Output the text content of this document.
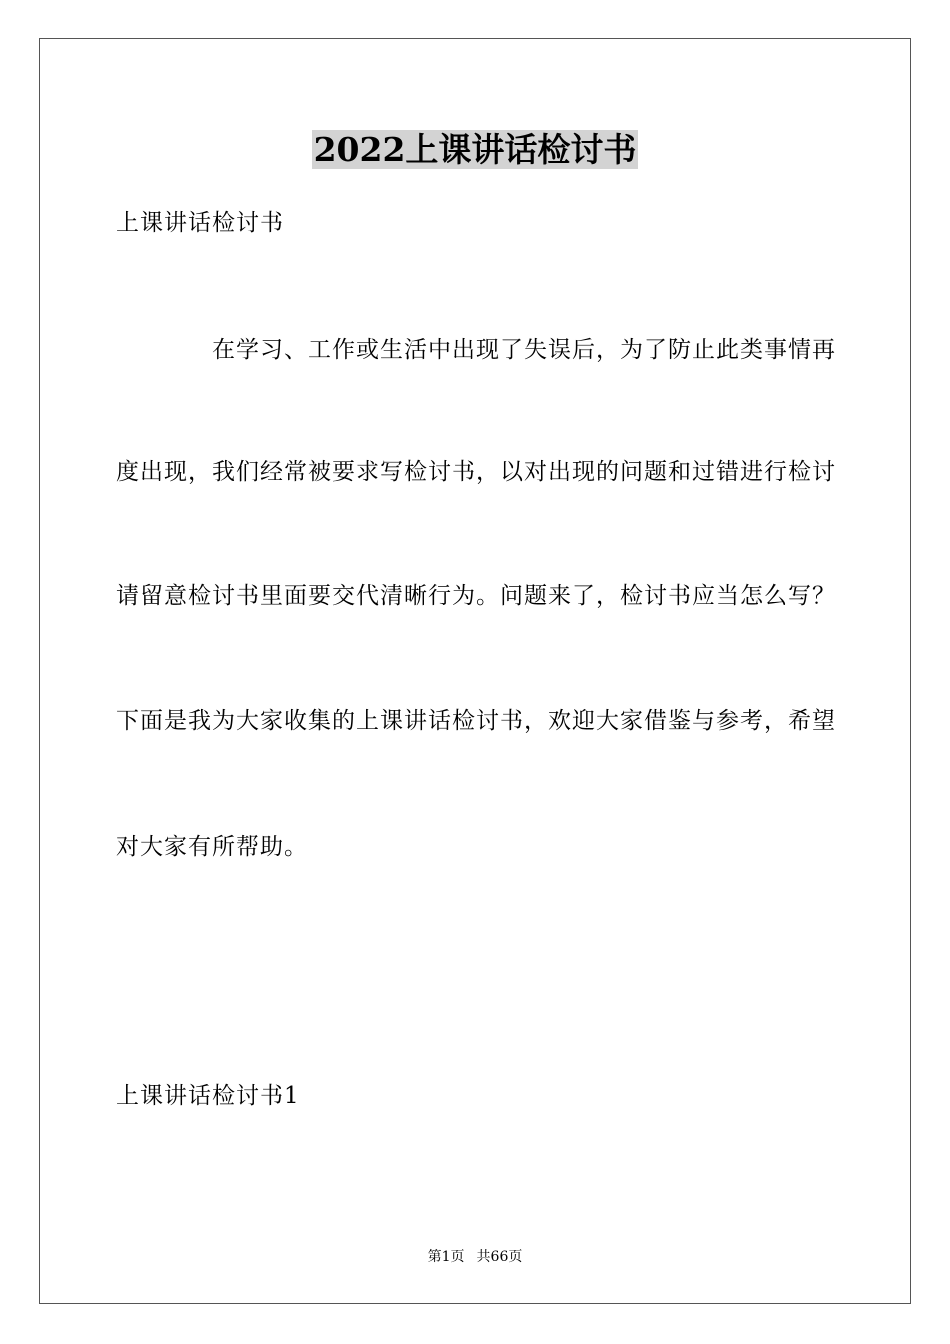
2022上课讲话检讨书
上课讲话检讨书
在学习、工作或生活中出现了失误后，为了防止此类事情再
度出现，我们经常被要求写检讨书，以对出现的问题和过错进行检讨
请留意检讨书里面要交代清晰行为。问题来了，检讨书应当怎么写？
下面是我为大家收集的上课讲话检讨书，欢迎大家借鉴与参考，希望
对大家有所帮助。
上课讲话检讨书1
第1页 共66页
